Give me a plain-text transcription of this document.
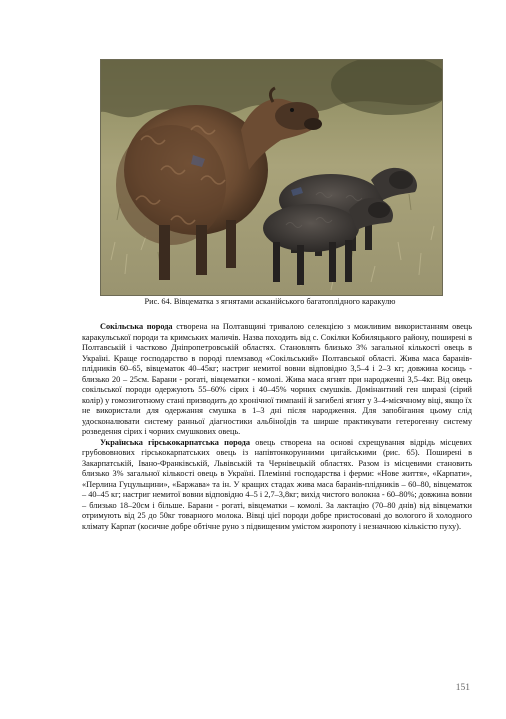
Рис. 64. Вівцематка з ягнятами асканійського багатоплідного каракулю

Сокільська порода створена на Полтавщині тривалою селекцією з можливим використанням овець каракульської породи та кримських маличів. Назва походить від с. Сокілки Кобиляцького району, поширені в Полтавській і частково Дніпропетровській областях. Становлять близько 3% загальної кількості овець в Україні. Краще господарство в породі племзавод «Сокільський» Полтавської області. Жива маса баранів-плідників 60–65, вівцематок 40–45кг; настриг немитої вовни відповідно 3,5–4 і 2–3 кг; довжина косиць - близько 20 – 25см. Барани - рогаті, вівцематки - комолі. Жива маса ягнят при народженні 3,5–4кг. Від овець сокільської породи одержують 55–60% сірих і 40–45% чорних смушків. Домінантний ген ширазі (сірий колір) у гомозиготному стані призводить до хронічної тимпанії й загибелі ягнят у 3–4-місячному віці, якщо їх не використали для одержання смушка в 1–3 дні після народження. Для запобігання цьому слід удосконалювати систему ранньої діагностики альбіноїдів та ширше практикувати гетерогенну систему розведення сірих і чорних смушкових овець.

Українська гірськокарпатська порода овець створена на основі схрещування відрідь місцевих грубововнових гірськокарпатських овець із напівтонкорунними цигайськими (рис. 65). Поширені в Закарпатській, Івано-Франківській, Львівській та Чернівецькій областях. Разом із місцевими становить близько 3% загальної кількості овець в Україні. Племінні господарства і ферми: «Нове життя», «Карпати», «Перлина Гуцульщини», «Баржава» та ін. У кращих стадах жива маса баранів-плідників – 60–80, вівцематок – 40–45 кг; настриг немитої вовни відповідно 4–5 і 2,7–3,8кг; вихід чистого волокна - 60–80%; довжина вовни – близько 18–20см і більше. Барани - рогаті, вівцематки – комолі. За лактацію (70–80 днів) від вівцематки отримують від 25 до 50кг товарного молока. Вівці цієї породи добре пристосовані до вологого й холодного клімату Карпат (косичне добре обтічне руно з підвищеним умістом жиропоту і незначною кількістю пуху).

151
